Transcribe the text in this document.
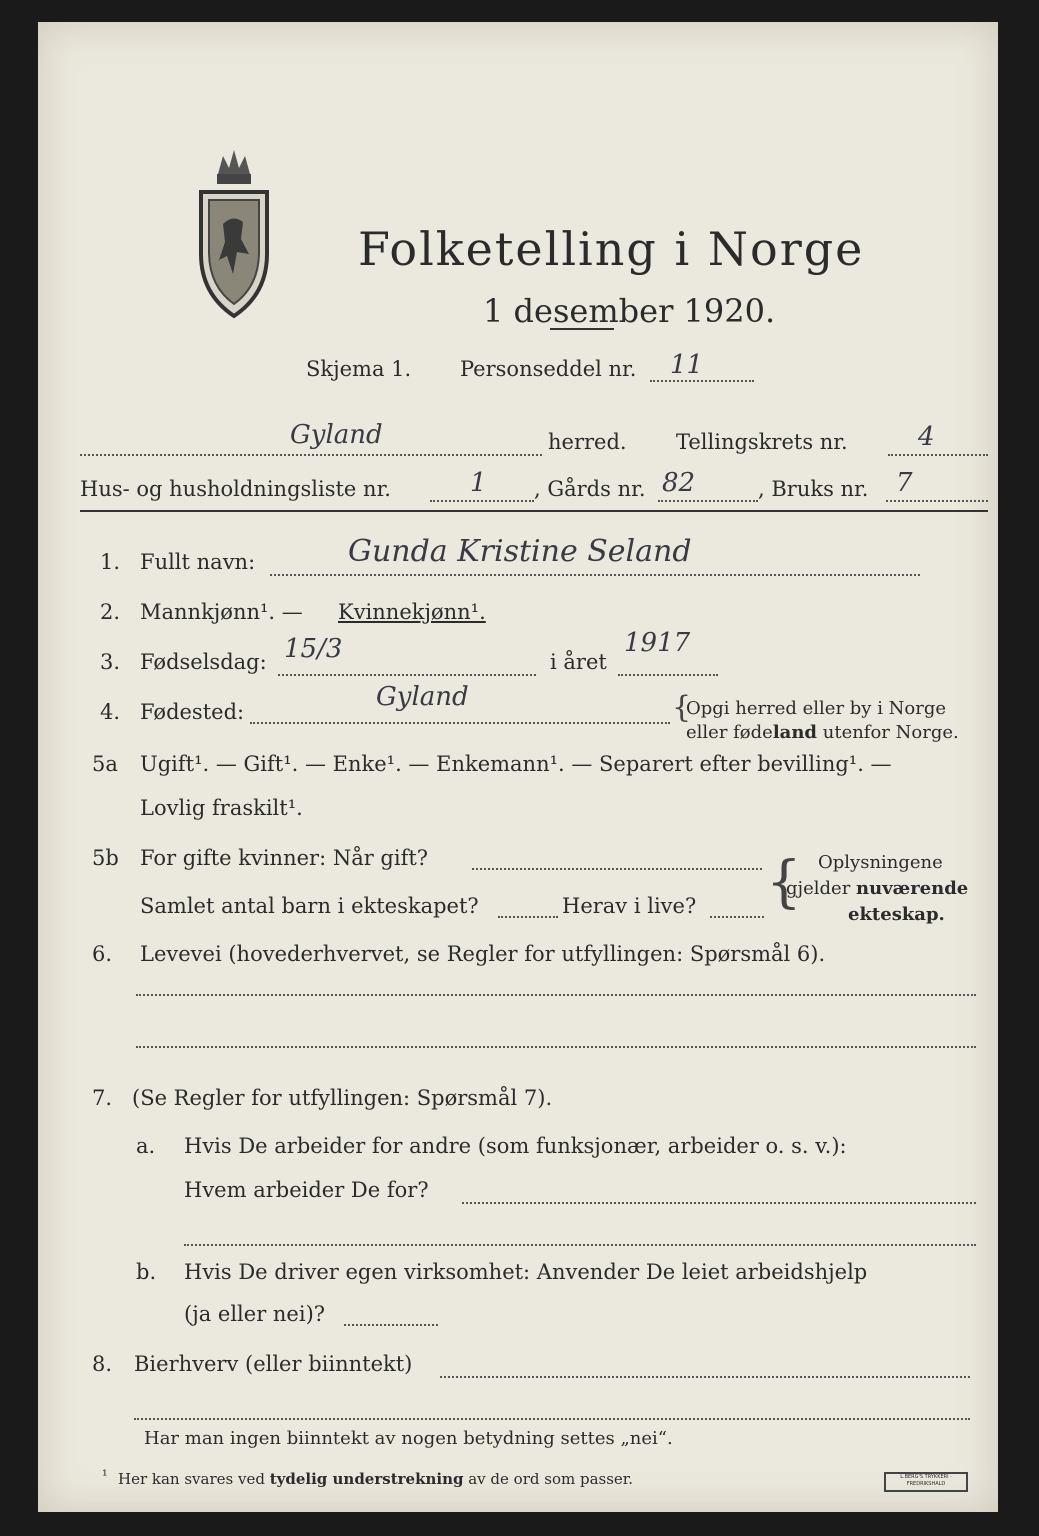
Folketelling i Norge
1 desember 1920.
Skjema 1. Personseddel nr. 11
Gyland	herred. Tellingskrets nr.	4
Hus- og husholdningsliste nr.	1 , Gårds nr. 82	, Bruks nr. 7
1. Fullt navn:	Gunda Kristine Seland
2. Mannkjønn¹. — Kvinnekjønn¹.
3. Fødselsdag: 15/3	i året
1917
4. Fødested:	Gyland	{
Opgi herred eller by i Norge
eller fødeland utenfor Norge.
5a Ugift¹. — Gift¹. — Enke¹. — Enkemann¹. — Separert efter bevilling¹. —
Lovlig fraskilt¹.
5b For gifte kvinner: Når gift?
Samlet antal barn i ekteskapet?	Herav i live? { Oplysningene
gjelder nuværende
ekteskap.
6. Levevei (hovederhvervet, se Regler for utfyllingen: Spørsmål 6).
7. (Se Regler for utfyllingen: Spørsmål 7).
a. Hvis De arbeider for andre (som funksjonær, arbeider o. s. v.):
Hvem arbeider De for?
b. Hvis De driver egen virksomhet: Anvender De leiet arbeidshjelp
(ja eller nei)?
8. Bierhverv (eller biinntekt)
Har man ingen biinntekt av nogen betydning settes „nei“.
¹ Her kan svares ved tydelig understrekning av de ord som passer.	L.BERG'S TRYKKERI · FREDRIKSHALD
